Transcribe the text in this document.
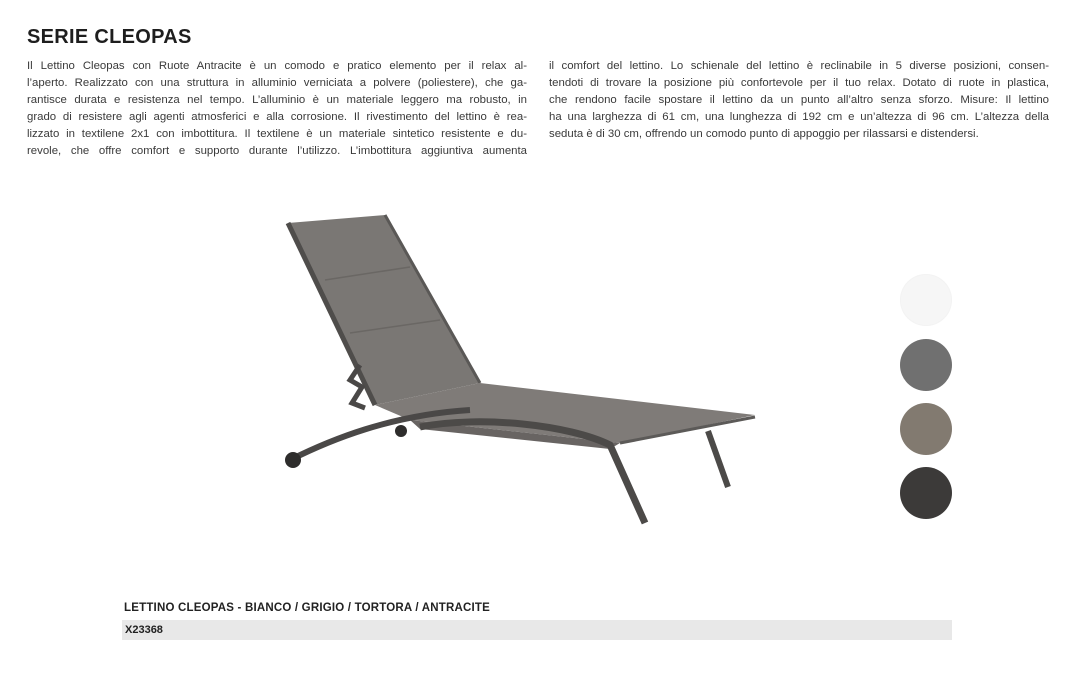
SERIE CLEOPAS
Il Lettino Cleopas con Ruote Antracite è un comodo e pratico elemento per il relax al-
l’aperto. Realizzato con una struttura in alluminio verniciata a polvere (poliestere), che ga-
rantisce durata e resistenza nel tempo. L’alluminio è un materiale leggero ma robusto, in
grado di resistere agli agenti atmosferici e alla corrosione. Il rivestimento del lettino è rea-
lizzato in textilene 2x1 con imbottitura. Il textilene è un materiale sintetico resistente e du-
revole, che offre comfort e supporto durante l’utilizzo. L’imbottitura aggiuntiva aumenta
il comfort del lettino. Lo schienale del lettino è reclinabile in 5 diverse posizioni, consen-
tendoti di trovare la posizione più confortevole per il tuo relax. Dotato di ruote in plastica,
che rendono facile spostare il lettino da un punto all’altro senza sforzo. Misure: Il lettino
ha una larghezza di 61 cm, una lunghezza di 192 cm e un’altezza di 96 cm. L’altezza della
seduta è di 30 cm, offrendo un comodo punto di appoggio per rilassarsi e distendersi.
LETTINO CLEOPAS - BIANCO / GRIGIO / TORTORA / ANTRACITE
X23368
